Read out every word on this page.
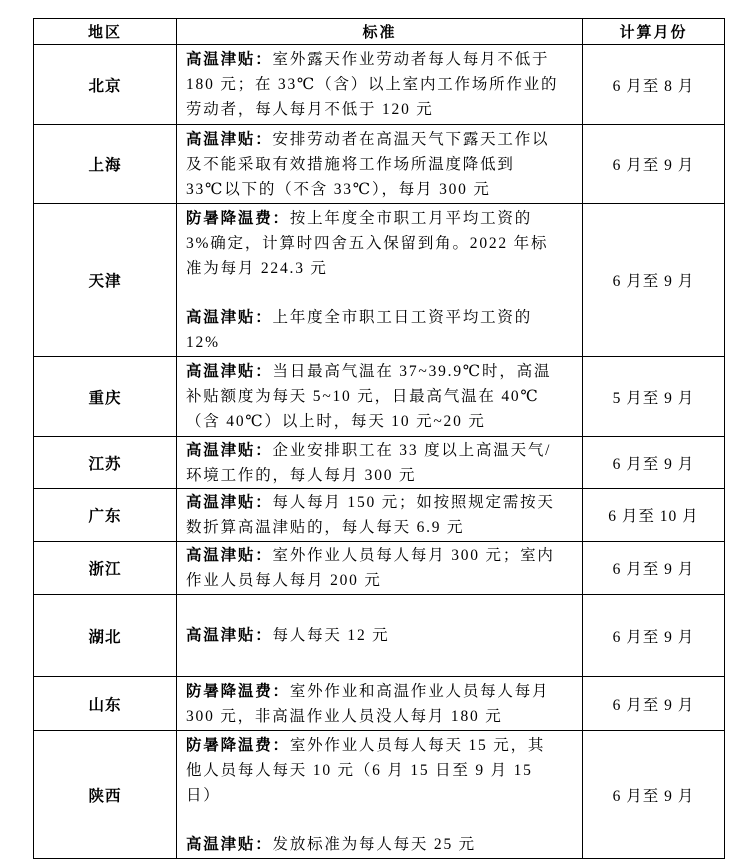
地区	标准	计算月份
北京	高温津贴：室外露天作业劳动者每人每月不低于
180 元；在 33℃（含）以上室内工作场所作业的
劳动者，每人每月不低于 120 元	6 月至 8 月
上海	高温津贴：安排劳动者在高温天气下露天工作以
及不能采取有效措施将工作场所温度降低到
33℃以下的（不含 33℃），每月 300 元	6 月至 9 月
天津	防暑降温费：按上年度全市职工月平均工资的
3%确定，计算时四舍五入保留到角。2022 年标
准为每月 224.3 元
高温津贴：上年度全市职工日工资平均工资的
12%	6 月至 9 月
重庆	高温津贴：当日最高气温在 37~39.9℃时，高温
补贴额度为每天 5~10 元，日最高气温在 40℃
（含 40℃）以上时，每天 10 元~20 元	5 月至 9 月
江苏	高温津贴：企业安排职工在 33 度以上高温天气/
环境工作的，每人每月 300 元	6 月至 9 月
广东	高温津贴：每人每月 150 元；如按照规定需按天
数折算高温津贴的，每人每天 6.9 元	6 月至 10 月
浙江	高温津贴：室外作业人员每人每月 300 元；室内
作业人员每人每月 200 元	6 月至 9 月
湖北	高温津贴：每人每天 12 元	6 月至 9 月
山东	防暑降温费：室外作业和高温作业人员每人每月
300 元，非高温作业人员没人每月 180 元	6 月至 9 月
陕西	防暑降温费：室外作业人员每人每天 15 元，其
他人员每人每天 10 元（6 月 15 日至 9 月 15
日）
高温津贴：发放标准为每人每天 25 元	6 月至 9 月
